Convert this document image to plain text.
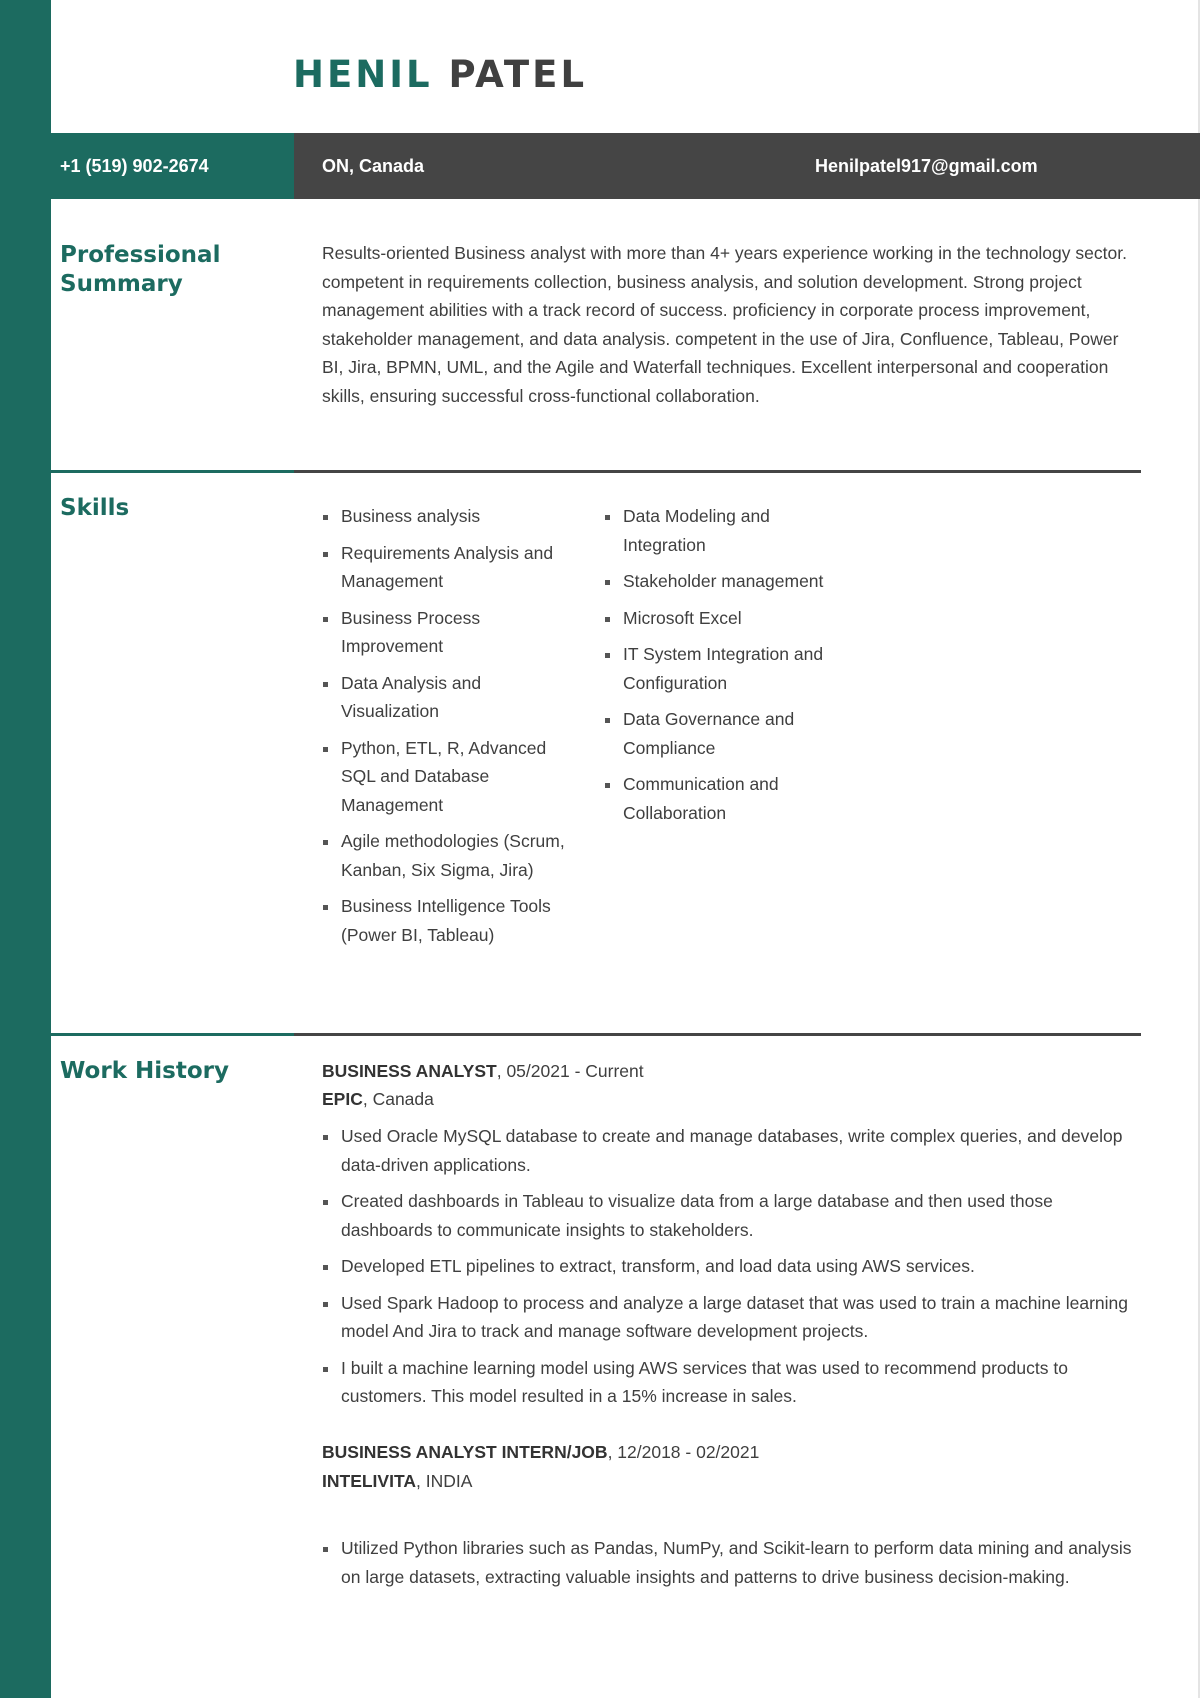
HENIL PATEL
+1 (519) 902-2674	ON, Canada	Henilpatel917@gmail.com
Professional
Summary

Results-oriented Business analyst with more than 4+ years experience working in the technology sector. competent in requirements collection, business analysis, and solution development. Strong project management abilities with a track record of success. proficiency in corporate process improvement, stakeholder management, and data analysis. competent in the use of Jira, Confluence, Tableau, Power BI, Jira, BPMN, UML, and the Agile and Waterfall techniques. Excellent interpersonal and cooperation skills, ensuring successful cross-functional collaboration.

Skills	Business analysis
Requirements Analysis and Management
Business Process Improvement
Data Analysis and Visualization
Python, ETL, R, Advanced SQL and Database Management
Agile methodologies (Scrum, Kanban, Six Sigma, Jira)
Business Intelligence Tools (Power BI, Tableau)
Data Modeling and Integration
Stakeholder management
Microsoft Excel
IT System Integration and Configuration
Data Governance and Compliance
Communication and Collaboration
Work History	BUSINESS ANALYST, 05/2021 - Current
EPIC, Canada
Used Oracle MySQL database to create and manage databases, write complex queries, and develop data-driven applications.
Created dashboards in Tableau to visualize data from a large database and then used those dashboards to communicate insights to stakeholders.
Developed ETL pipelines to extract, transform, and load data using AWS services.
Used Spark Hadoop to process and analyze a large dataset that was used to train a machine learning model And Jira to track and manage software development projects.
I built a machine learning model using AWS services that was used to recommend products to customers. This model resulted in a 15% increase in sales.
BUSINESS ANALYST INTERN/JOB, 12/2018 - 02/2021
INTELIVITA, INDIA
Utilized Python libraries such as Pandas, NumPy, and Scikit-learn to perform data mining and analysis on large datasets, extracting valuable insights and patterns to drive business decision-making.
